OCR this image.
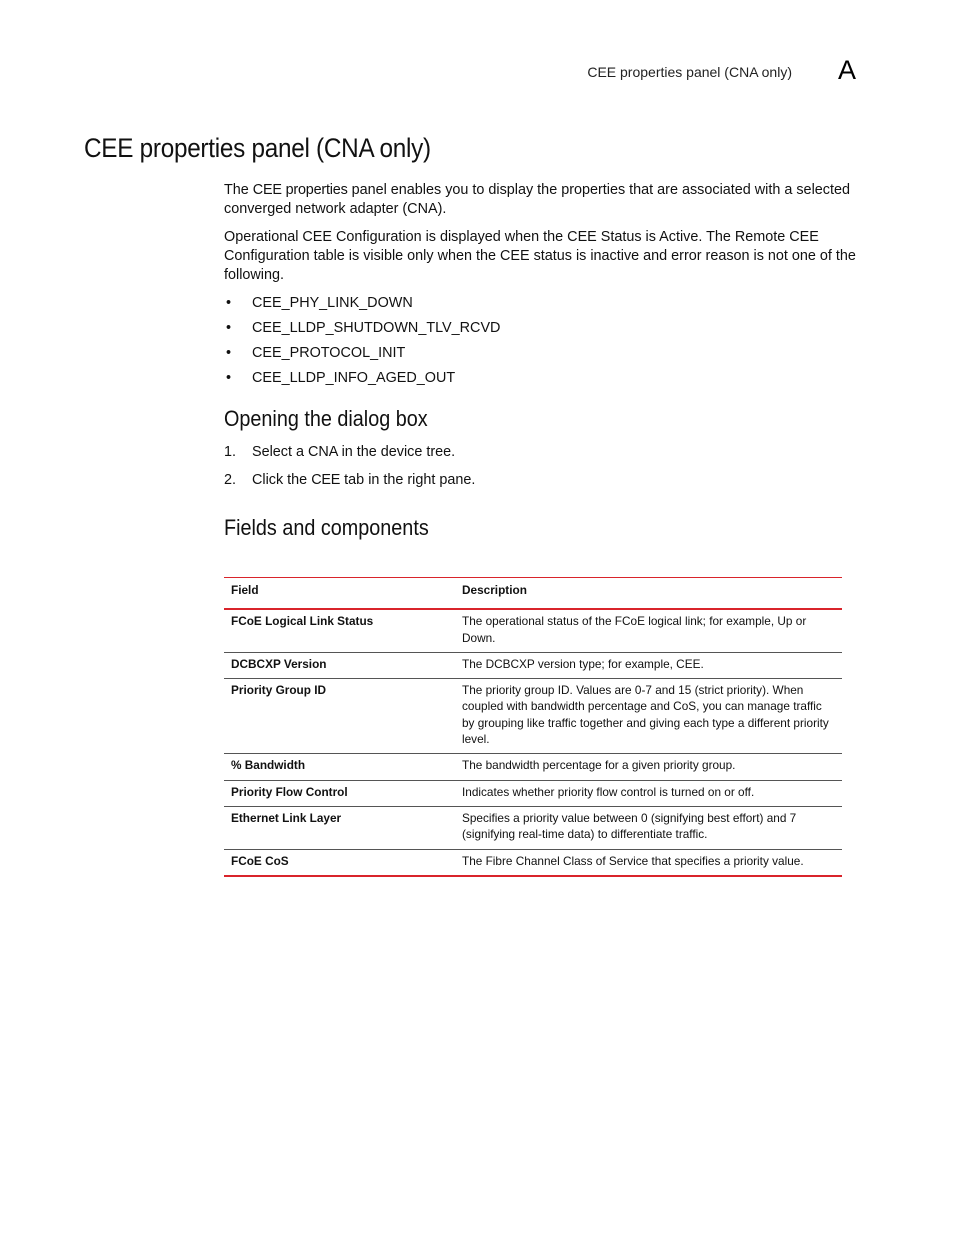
CEE properties panel (CNA only) A
CEE properties panel (CNA only)

The CEE properties panel enables you to display the properties that are associated with a selected converged network adapter (CNA).

Operational CEE Configuration is displayed when the CEE Status is Active. The Remote CEE Configuration table is visible only when the CEE status is inactive and error reason is not one of the following.

• CEE_PHY_LINK_DOWN
• CEE_LLDP_SHUTDOWN_TLV_RCVD
• CEE_PROTOCOL_INIT
• CEE_LLDP_INFO_AGED_OUT
Opening the dialog box
1. Select a CNA in the device tree.
2. Click the CEE tab in the right pane.
Fields and components
Field	Description
FCoE Logical Link Status	The operational status of the FCoE logical link; for example, Up or Down.
DCBCXP Version	The DCBCXP version type; for example, CEE.
Priority Group ID	The priority group ID. Values are 0-7 and 15 (strict priority). When coupled with bandwidth percentage and CoS, you can manage traffic by grouping like traffic together and giving each type a different priority level.
% Bandwidth	The bandwidth percentage for a given priority group.
Priority Flow Control	Indicates whether priority flow control is turned on or off.
Ethernet Link Layer	Specifies a priority value between 0 (signifying best effort) and 7 (signifying real-time data) to differentiate traffic.
FCoE CoS	The Fibre Channel Class of Service that specifies a priority value.
